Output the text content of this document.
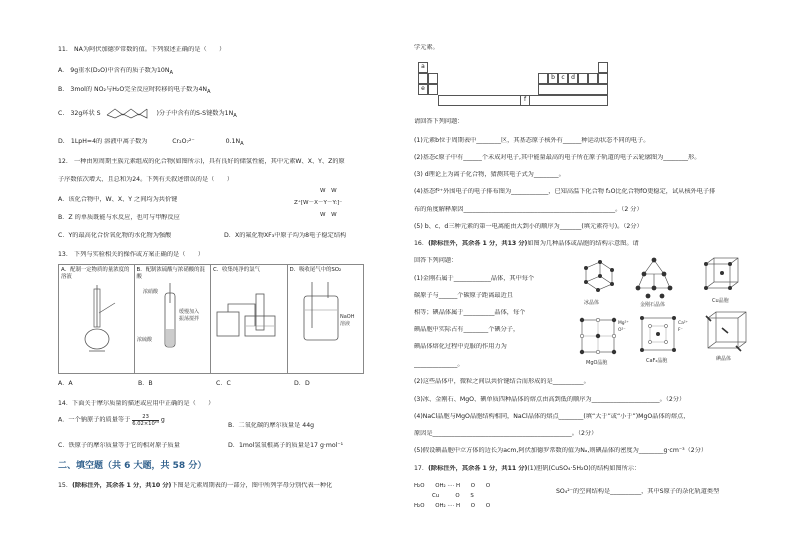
11.　NA为阿伏加德罗常数的值。下列叙述正确的是（　　）
A.　9g重水(D₂O)中含有的质子数为$10N_A$
B.　3mol的 NO₂与H₂O完全反应时转移的电子数为$4N_A$
C.　32g环状 S	)分子中含有的S-S键数为$1N_A$
D.　1LpH=4的 溶液中离子数为　　　　	Cr₂O₇²⁻　　　　　	$0.1N_A$
12.　一种由短周期主族元素组成的化合物(如图所示)，具有良好的储氢性能，其中元素W、X、Y、Z的原
子序数依次增大、且总和为24。下列有关叙述错误的是（　　）
A．该化合物中，W、X、Y 之间均为共价键
B．Z 的单质既能与水反应，也可与甲醇反应
C．Y的最高化合价氧化物的水化物为强酸	D．X的氟化物XF₃中原子均为8电子稳定结构
W　W
Z⁺[W－X－Y－Y:]⁻
W　W
13.　下列与实验相关的操作或方案正确的是（　　）
A．配制一定物质的量浓度的溶液

B．配制浓硫酸与浓硝酸的混酸
浓硝酸
缓慢加入
振荡搅拌
浓硫酸

C．收集纯净的氯气	D．吸收尾气中的SO₂
NaOH
溶液
A．A	B．B	C．C	D．D
14．下面关于摩尔质量的描述或应用中正确的是（　　）
A．一个钠原子的质量等于 $\frac{23}{\text{6.02×10²³}}$ g
B．二氧化碳的摩尔质量是 44g
C．铁原子的摩尔质量等于它的相对原子质量	D．1mol氢氧根离子的质量是17 g·mol⁻¹
二、填空题（共 6 大题，共 58 分）
15．(除标注外，其余各 1 分，共10 分)下图是元素周期表的一部分，图中所列字母分别代表一种化
学元素。
a
e
b	c	d
f
请回答下列问题：
(1)元素b位于周期表中________区，其基态原子核外有______种运动状态不同的电子。
(2)基态c原子中有______个未成对电子,其中能量最高的电子所在原子轨道的电子云轮廓图为________形。
(3) d理论上为离子化合物，猜测其电子式为________。
(4)基态f²⁺外围电子的电子排布图为____________，已知高温下化合物 f₂O比化合物fO更稳定，试从核外电子排
布的角度解释原因_________________________________________________。（2 分）
(5) b、c、d三种元素的第一电离能由大到小的顺序为_______(填元素符号)。（2分）
16．(除标注外，其余各 1 分，共13 分)如图为几种晶体或晶胞的结构示意图。请
回答下列问题：
(1)金刚石属于____________晶体，其中每个
碳原子与______个碳原子距离最近且
相等；碘晶体属于__________晶体，每个
碘晶胞中实际占有________个碘分子，
碘晶体熔化过程中克服的作用力为
______________。
冰晶体	金刚石晶体
Cu晶胞
Mg²⁺
O²⁻
MgO晶胞
Ca²⁺
F⁻
CaF₂晶胞	碘晶体
(2)这些晶体中，微粒之间以共价键结合而形成的是__________。
(3)冰、金刚石、MgO、碘单质四种晶体的熔点由高到低的顺序为______________________。（2分）
(4)NaCl晶胞与MgO晶胞结构相同，NaCl晶体的熔点________(填“大于”或“小于”)MgO晶体的熔点，
原因是_____________________________________________。（2分）
(5)假设碘晶胞中立方体的边长为acm,阿伏加德罗常数的值为Nₐ,则碘晶体的密度为________g·cm⁻³（2分）
17．(除标注外，其余各 1 分，共11 分)(1)胆矾(CuSO₄·5H₂O)的结构如图所示：
H₂O　　OH₂ ···· H　　O　　O
Cu　　　O　　S
H₂O　　OH₂ ···· H　　O　　O
SO₄²⁻的空间结构是__________，其中S原子的杂化轨道类型
